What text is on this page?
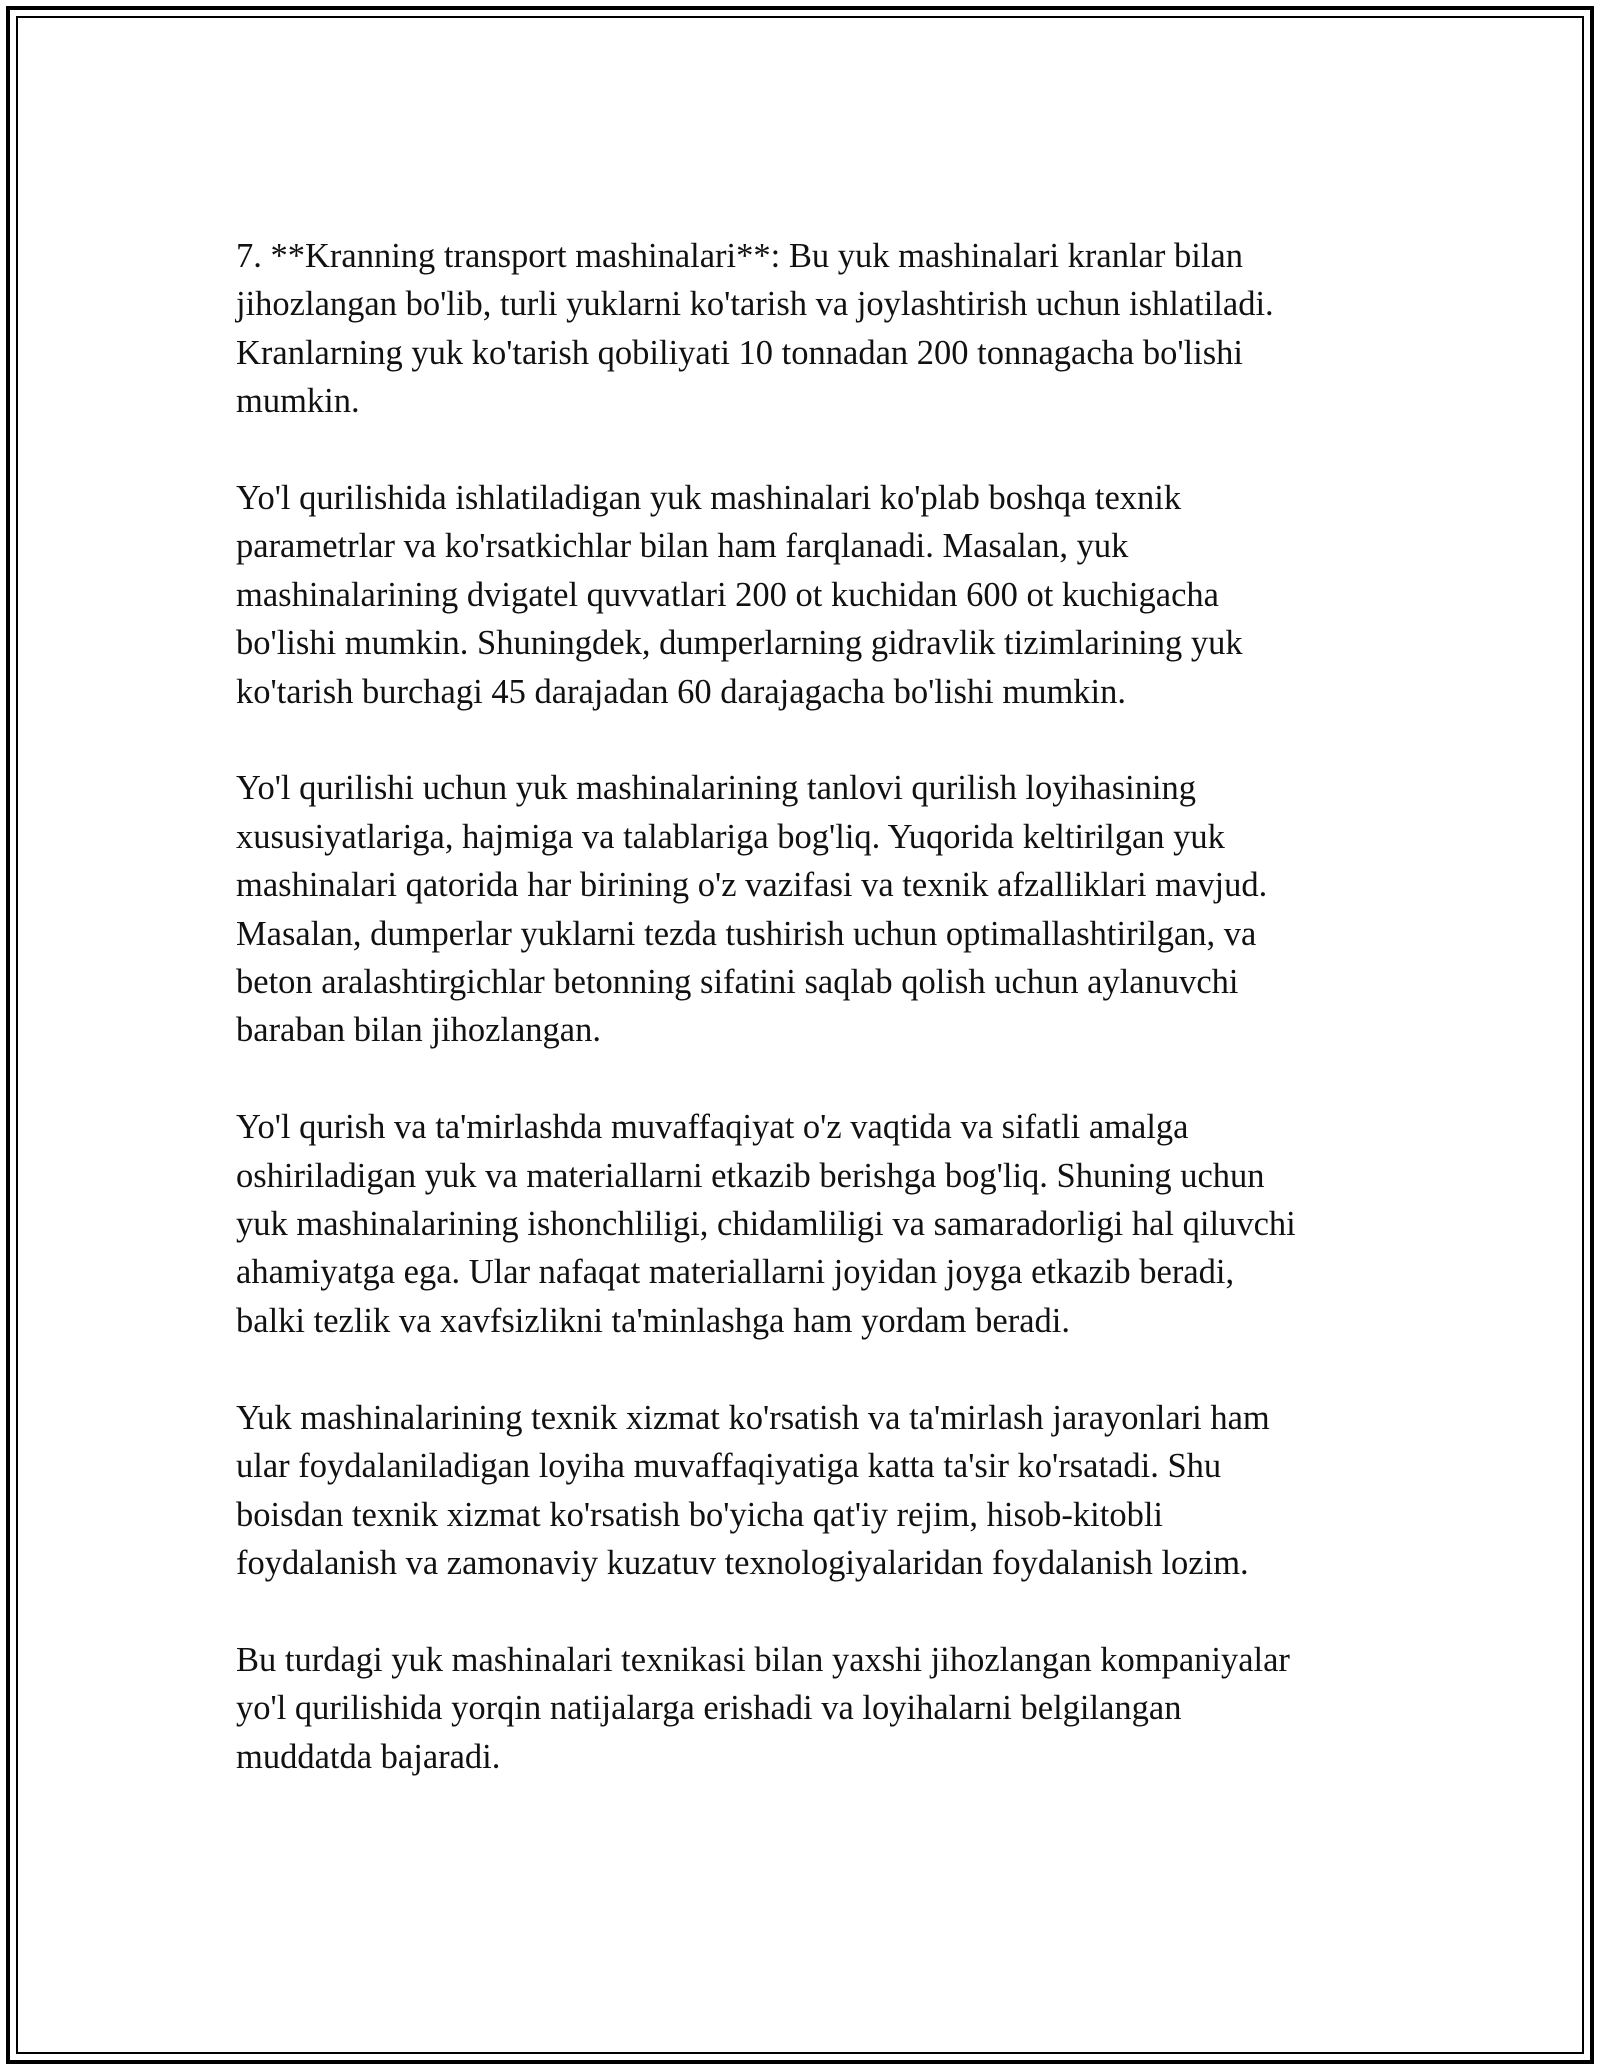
7. **Kranning transport mashinalari**: Bu yuk mashinalari kranlar bilan
jihozlangan bo'lib, turli yuklarni ko'tarish va joylashtirish uchun ishlatiladi.
Kranlarning yuk ko'tarish qobiliyati 10 tonnadan 200 tonnagacha bo'lishi
mumkin.

Yo'l qurilishida ishlatiladigan yuk mashinalari ko'plab boshqa texnik
parametrlar va ko'rsatkichlar bilan ham farqlanadi. Masalan, yuk
mashinalarining dvigatel quvvatlari 200 ot kuchidan 600 ot kuchigacha
bo'lishi mumkin. Shuningdek, dumperlarning gidravlik tizimlarining yuk
ko'tarish burchagi 45 darajadan 60 darajagacha bo'lishi mumkin.

Yo'l qurilishi uchun yuk mashinalarining tanlovi qurilish loyihasining
xususiyatlariga, hajmiga va talablariga bog'liq. Yuqorida keltirilgan yuk
mashinalari qatorida har birining o'z vazifasi va texnik afzalliklari mavjud.
Masalan, dumperlar yuklarni tezda tushirish uchun optimallashtirilgan, va
beton aralashtirgichlar betonning sifatini saqlab qolish uchun aylanuvchi
baraban bilan jihozlangan.

Yo'l qurish va ta'mirlashda muvaffaqiyat o'z vaqtida va sifatli amalga
oshiriladigan yuk va materiallarni etkazib berishga bog'liq. Shuning uchun
yuk mashinalarining ishonchliligi, chidamliligi va samaradorligi hal qiluvchi
ahamiyatga ega. Ular nafaqat materiallarni joyidan joyga etkazib beradi,
balki tezlik va xavfsizlikni ta'minlashga ham yordam beradi.

Yuk mashinalarining texnik xizmat ko'rsatish va ta'mirlash jarayonlari ham
ular foydalaniladigan loyiha muvaffaqiyatiga katta ta'sir ko'rsatadi. Shu
boisdan texnik xizmat ko'rsatish bo'yicha qat'iy rejim, hisob-kitobli
foydalanish va zamonaviy kuzatuv texnologiyalaridan foydalanish lozim.

Bu turdagi yuk mashinalari texnikasi bilan yaxshi jihozlangan kompaniyalar
yo'l qurilishida yorqin natijalarga erishadi va loyihalarni belgilangan
muddatda bajaradi.
